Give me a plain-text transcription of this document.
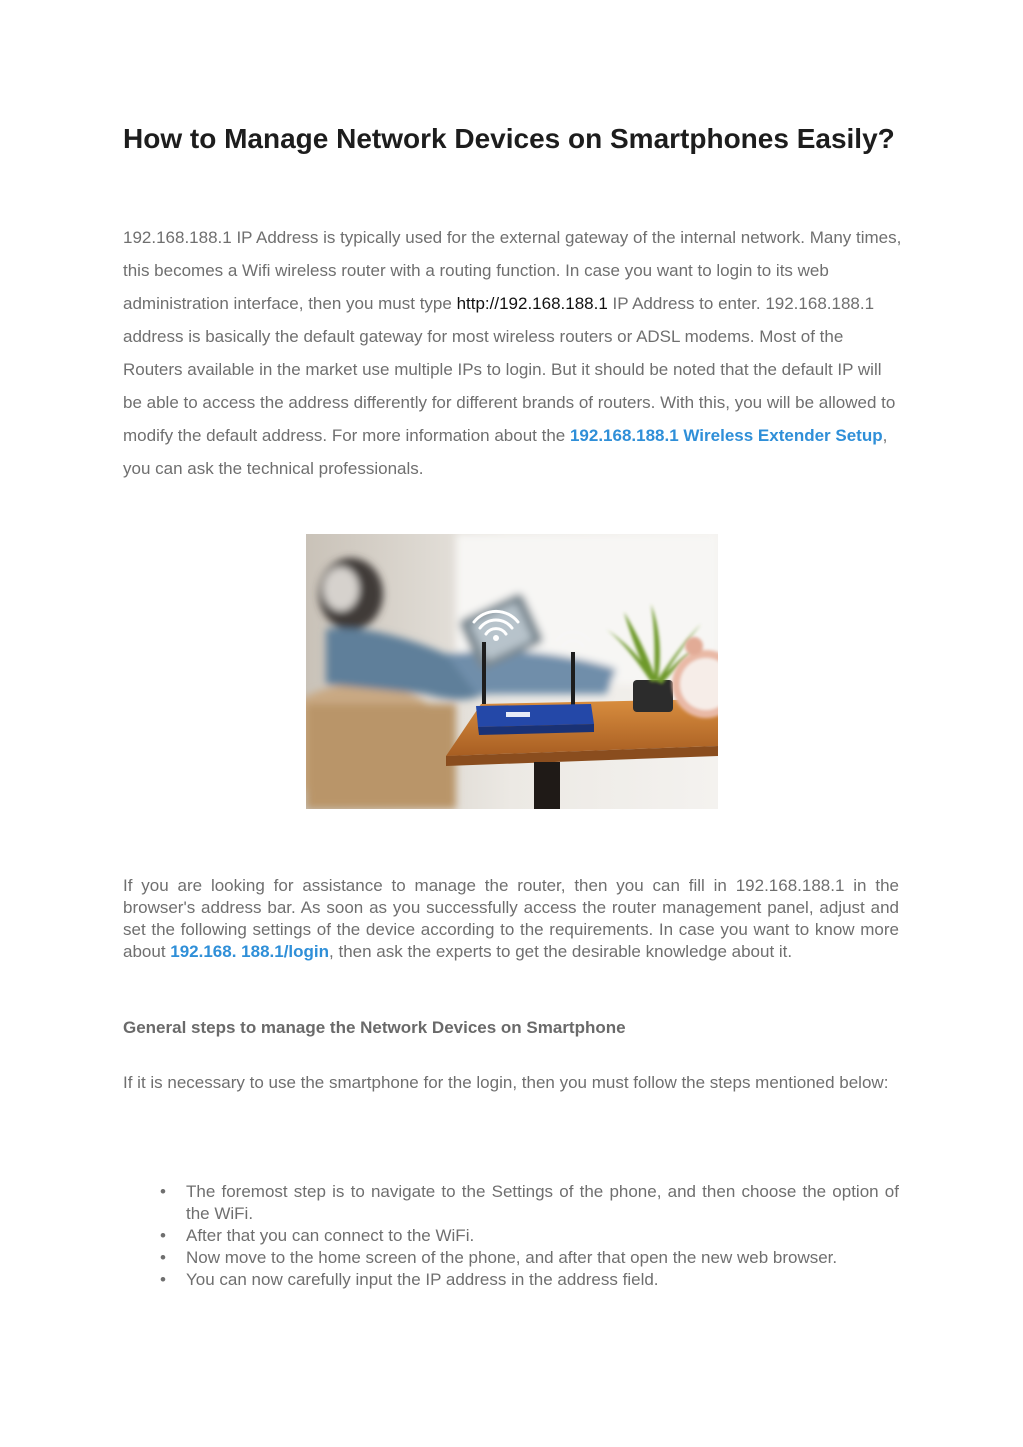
How to Manage Network Devices on Smartphones Easily?

192.168.188.1 IP Address is typically used for the external gateway of the internal network. Many times, this becomes a Wifi wireless router with a routing function. In case you want to login to its web administration interface, then you must type http://192.168.188.1 IP Address to enter. 192.168.188.1 address is basically the default gateway for most wireless routers or ADSL modems. Most of the Routers available in the market use multiple IPs to login. But it should be noted that the default IP will be able to access the address differently for different brands of routers. With this, you will be allowed to modify the default address. For more information about the 192.168.188.1 Wireless Extender Setup, you can ask the technical professionals.

If you are looking for assistance to manage the router, then you can fill in 192.168.188.1 in the browser's address bar. As soon as you successfully access the router management panel, adjust and set the following settings of the device according to the requirements. In case you want to know more about 192.168. 188.1/login, then ask the experts to get the desirable knowledge about it.

General steps to manage the Network Devices on Smartphone

If it is necessary to use the smartphone for the login, then you must follow the steps mentioned below:

• The foremost step is to navigate to the Settings of the phone, and then choose the option of the WiFi.
• After that you can connect to the WiFi.
• Now move to the home screen of the phone, and after that open the new web browser.
• You can now carefully input the IP address in the address field.
